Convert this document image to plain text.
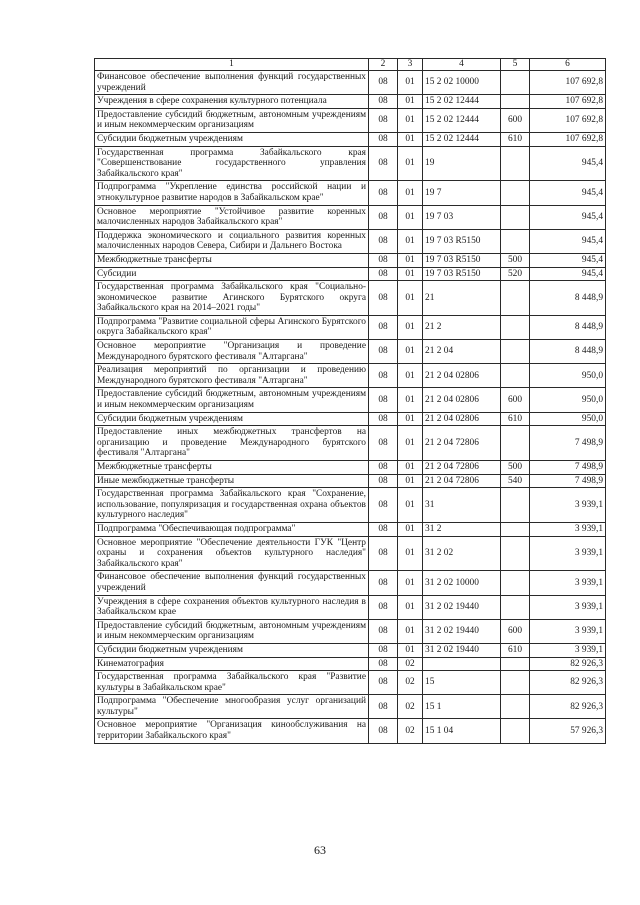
1	2	3	4	5	6
Финансовое обеспечение выполнения функций государственных учреждений	08	01	15 2 02 10000		107 692,8
Учреждения в сфере сохранения культурного потенциала	08	01	15 2 02 12444		107 692,8
Предоставление субсидий бюджетным, автономным учреждениям и иным некоммерческим организациям	08	01	15 2 02 12444	600	107 692,8
Субсидии бюджетным учреждениям	08	01	15 2 02 12444	610	107 692,8
Государственная программа Забайкальского края "Совершенствование государственного управления Забайкальского края"	08	01	19		945,4
Подпрограмма "Укрепление единства российской нации и этнокультурное развитие народов в Забайкальском крае"	08	01	19 7		945,4
Основное мероприятие "Устойчивое развитие коренных малочисленных народов Забайкальского края"	08	01	19 7 03		945,4
Поддержка экономического и социального развития коренных малочисленных народов Севера, Сибири и Дальнего Востока	08	01	19 7 03 R5150		945,4
Межбюджетные трансферты	08	01	19 7 03 R5150	500	945,4
Субсидии	08	01	19 7 03 R5150	520	945,4
Государственная программа Забайкальского края "Социально-экономическое развитие Агинского Бурятского округа Забайкальского края на 2014–2021 годы"	08	01	21		8 448,9
Подпрограмма "Развитие социальной сферы Агинского Бурятского округа Забайкальского края"	08	01	21 2		8 448,9
Основное мероприятие "Организация и проведение Международного бурятского фестиваля "Алтаргана"	08	01	21 2 04		8 448,9
Реализация мероприятий по организации и проведению Международного бурятского фестиваля "Алтаргана"	08	01	21 2 04 02806		950,0
Предоставление субсидий бюджетным, автономным учреждениям и иным некоммерческим организациям	08	01	21 2 04 02806	600	950,0
Субсидии бюджетным учреждениям	08	01	21 2 04 02806	610	950,0
Предоставление иных межбюджетных трансфертов на организацию и проведение Международного бурятского фестиваля "Алтаргана"	08	01	21 2 04 72806		7 498,9
Межбюджетные трансферты	08	01	21 2 04 72806	500	7 498,9
Иные межбюджетные трансферты	08	01	21 2 04 72806	540	7 498,9
Государственная программа Забайкальского края "Сохранение, использование, популяризация и государственная охрана объектов культурного наследия"	08	01	31		3 939,1
Подпрограмма "Обеспечивающая подпрограмма"	08	01	31 2		3 939,1
Основное мероприятие "Обеспечение деятельности ГУК "Центр охраны и сохранения объектов культурного наследия" Забайкальского края"	08	01	31 2 02		3 939,1
Финансовое обеспечение выполнения функций государственных учреждений	08	01	31 2 02 10000		3 939,1
Учреждения в сфере сохранения объектов культурного наследия в Забайкальском крае	08	01	31 2 02 19440		3 939,1
Предоставление субсидий бюджетным, автономным учреждениям и иным некоммерческим организациям	08	01	31 2 02 19440	600	3 939,1
Субсидии бюджетным учреждениям	08	01	31 2 02 19440	610	3 939,1
Кинематография	08	02			82 926,3
Государственная программа Забайкальского края "Развитие культуры в Забайкальском крае"	08	02	15		82 926,3
Подпрограмма "Обеспечение многообразия услуг организаций культуры"	08	02	15 1		82 926,3
Основное мероприятие "Организация кинообслуживания на территории Забайкальского края"	08	02	15 1 04		57 926,3
63
